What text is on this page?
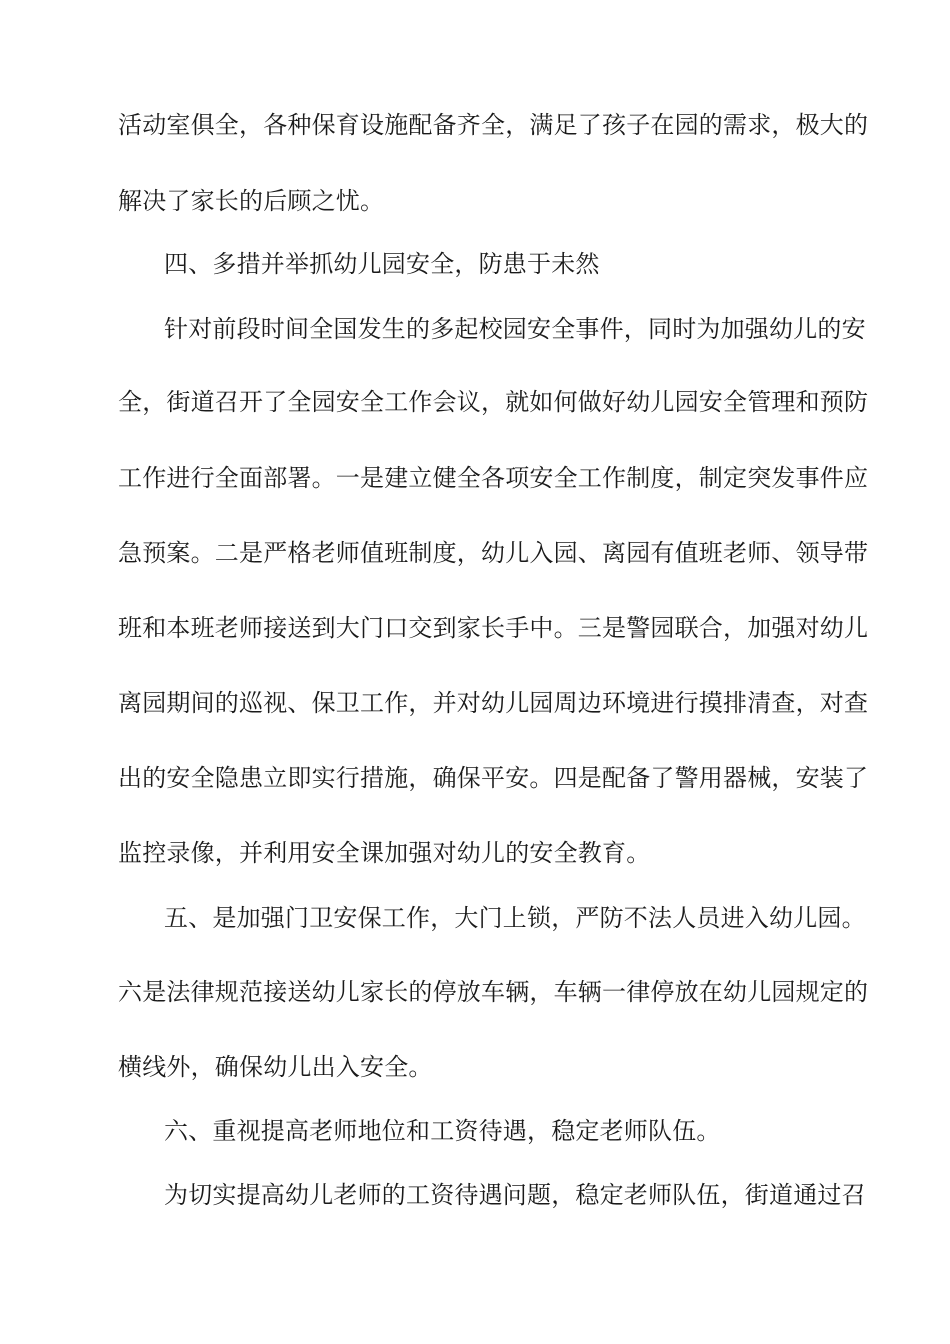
活动室俱全，各种保育设施配备齐全，满足了孩子在园的需求，极大的
解决了家长的后顾之忧。
四、多措并举抓幼儿园安全，防患于未然
针对前段时间全国发生的多起校园安全事件，同时为加强幼儿的安
全，街道召开了全园安全工作会议，就如何做好幼儿园安全管理和预防
工作进行全面部署。一是建立健全各项安全工作制度，制定突发事件应
急预案。二是严格老师值班制度，幼儿入园、离园有值班老师、领导带
班和本班老师接送到大门口交到家长手中。三是警园联合，加强对幼儿
离园期间的巡视、保卫工作，并对幼儿园周边环境进行摸排清查，对查
出的安全隐患立即实行措施，确保平安。四是配备了警用器械，安装了
监控录像，并利用安全课加强对幼儿的安全教育。
五、是加强门卫安保工作，大门上锁，严防不法人员进入幼儿园。
六是法律规范接送幼儿家长的停放车辆，车辆一律停放在幼儿园规定的
横线外，确保幼儿出入安全。
六、重视提高老师地位和工资待遇，稳定老师队伍。
为切实提高幼儿老师的工资待遇问题，稳定老师队伍，街道通过召
